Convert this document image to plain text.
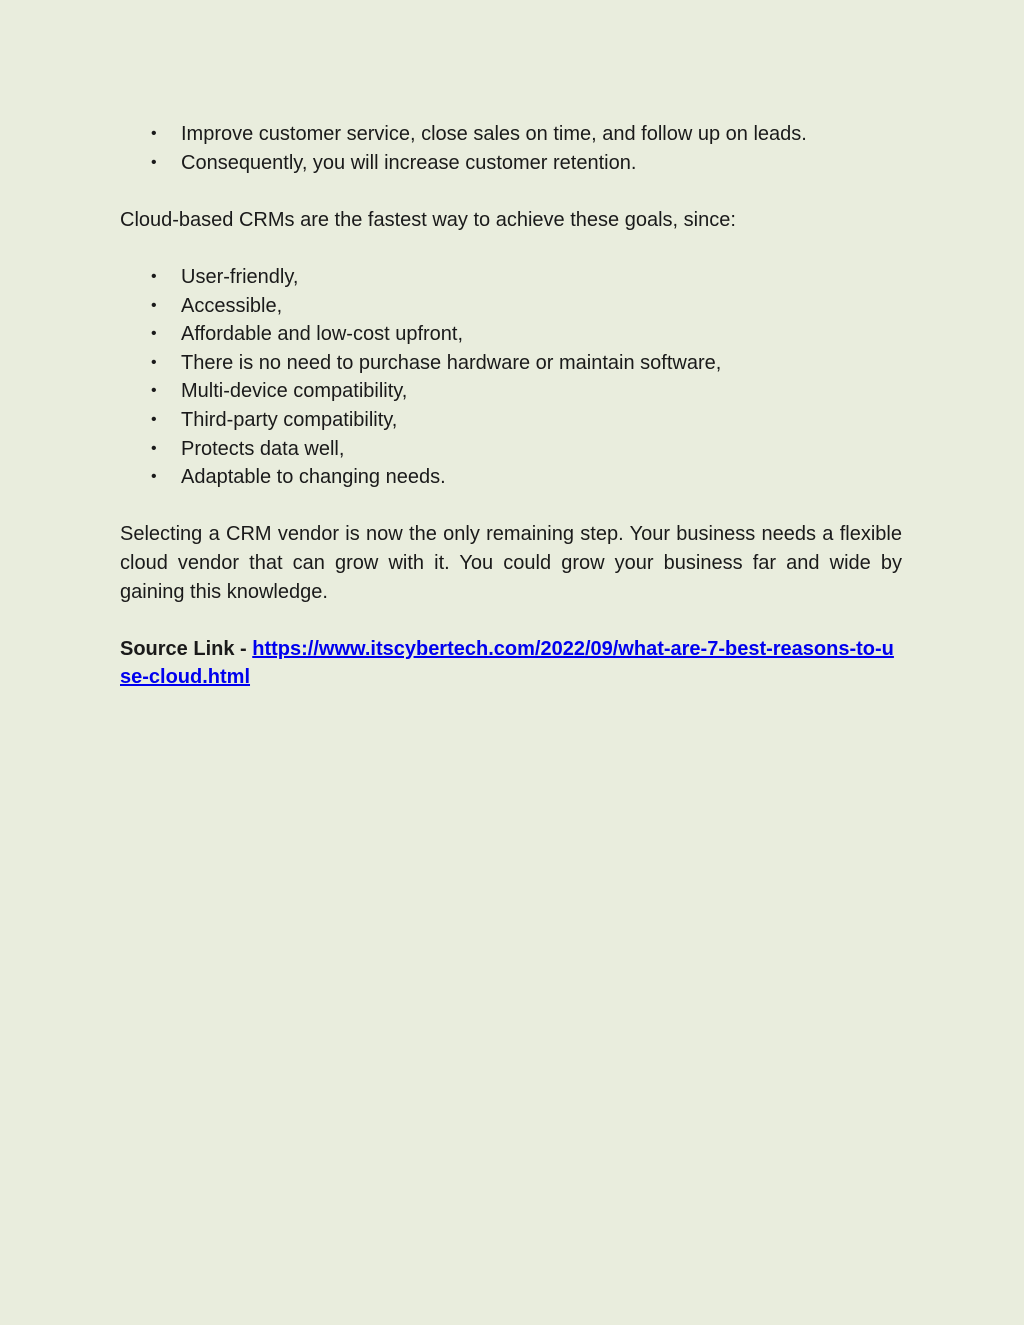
• Improve customer service, close sales on time, and follow up on leads.
• Consequently, you will increase customer retention.

Cloud-based CRMs are the fastest way to achieve these goals, since:

• User-friendly,
• Accessible,
• Affordable and low-cost upfront,
• There is no need to purchase hardware or maintain software,
• Multi-device compatibility,
• Third-party compatibility,
• Protects data well,
• Adaptable to changing needs.

Selecting a CRM vendor is now the only remaining step. Your business needs a flexible cloud vendor that can grow with it. You could grow your business far and wide by gaining this knowledge.

Source Link - https://www.itscybertech.com/2022/09/what-are-7-best-reasons-to-use-cloud.html
